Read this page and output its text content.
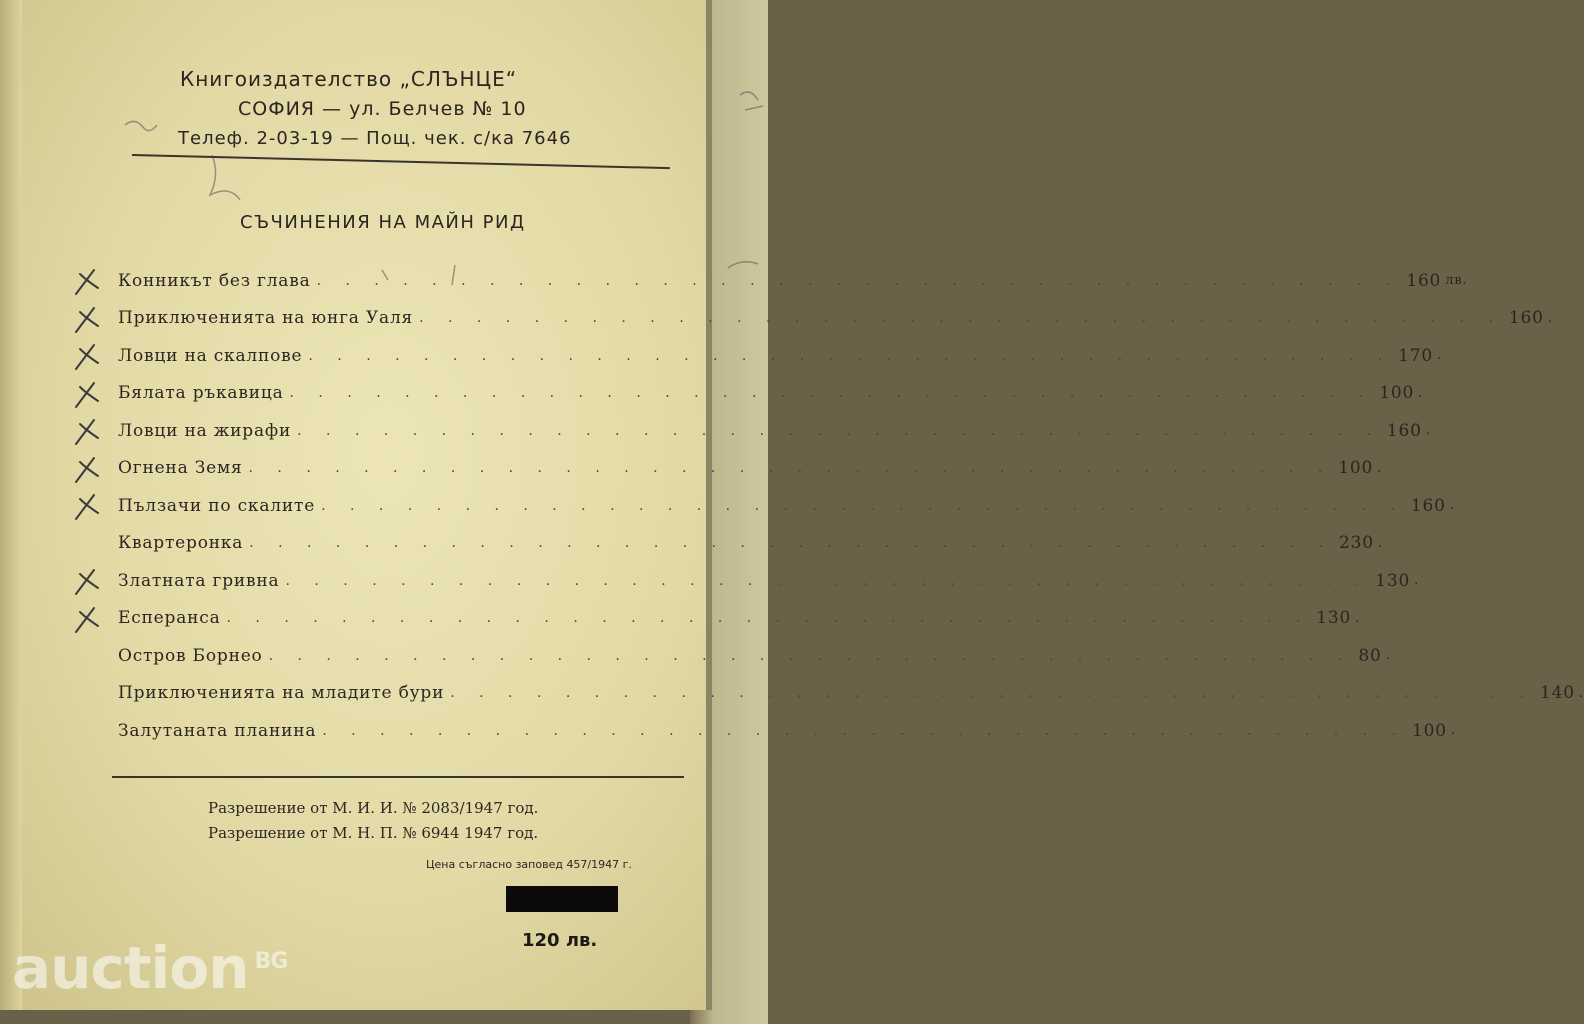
Книгоиздателство „СЛЪНЦЕ“
СОФИЯ — ул. Белчев № 10
Телеф. 2-03-19 — Пощ. чек. с/ка 7646
СЪЧИНЕНИЯ НА МАЙН РИД
Конникът без глава . . . . . . . . . . . . . . . . . . . . . . . . . . . . . . . . . . . . . . 160 лв.
Приключенията на юнга Уаля . . . . . . . . . . . . . . . . . . . . . . . . . . . . . . . . . . . . . . 160 .
Ловци на скалпове . . . . . . . . . . . . . . . . . . . . . . . . . . . . . . . . . . . . . . 170 .
Бялата ръкавица . . . . . . . . . . . . . . . . . . . . . . . . . . . . . . . . . . . . . . 100 .
Ловци на жирафи . . . . . . . . . . . . . . . . . . . . . . . . . . . . . . . . . . . . . . 160 .
Огнена Земя . . . . . . . . . . . . . . . . . . . . . . . . . . . . . . . . . . . . . . 100 .
Пълзачи по скалите . . . . . . . . . . . . . . . . . . . . . . . . . . . . . . . . . . . . . . 160 .
Квартеронка . . . . . . . . . . . . . . . . . . . . . . . . . . . . . . . . . . . . . . 230 .
Златната гривна . . . . . . . . . . . . . . . . . . . . . . . . . . . . . . . . . . . . . . 130 .
Есперанса . . . . . . . . . . . . . . . . . . . . . . . . . . . . . . . . . . . . . . 130 .
Остров Борнео . . . . . . . . . . . . . . . . . . . . . . . . . . . . . . . . . . . . . . 80 .
Приключенията на младите бури . . . . . . . . . . . . . . . . . . . . . . . . . . . . . . . . . . . . . . 140 .
Залутаната планина . . . . . . . . . . . . . . . . . . . . . . . . . . . . . . . . . . . . . . 100 .
Разрешение от М. И. И. № 2083/1947 год.
Разрешение от М. Н. П. № 6944 1947 год.
Цена съгласно заповед 457/1947 г.
120 лв.
auction $^{BG}$
